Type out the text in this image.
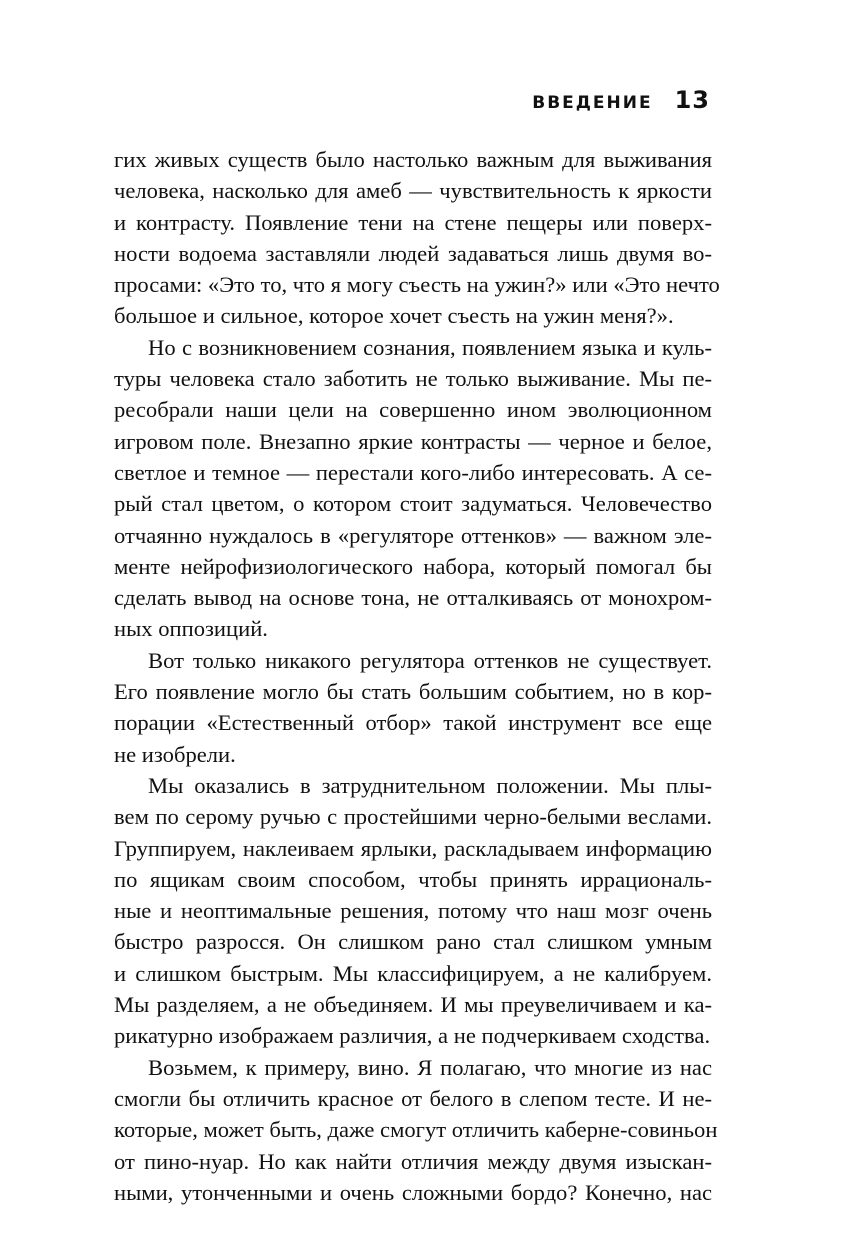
ВВЕДЕНИЕ 13
гих живых существ было настолько важным для выживания
человека, насколько для амеб — чувствительность к яркости
и контрасту. Появление тени на стене пещеры или поверх-
ности водоема заставляли людей задаваться лишь двумя во-
просами: «Это то, что я могу съесть на ужин?» или «Это нечто
большое и сильное, которое хочет съесть на ужин меня?».
Но с возникновением сознания, появлением языка и куль-
туры человека стало заботить не только выживание. Мы пе-
ресобрали наши цели на совершенно ином эволюционном
игровом поле. Внезапно яркие контрасты — черное и белое,
светлое и темное — перестали кого-либо интересовать. А се-
рый стал цветом, о котором стоит задуматься. Человечество
отчаянно нуждалось в «регуляторе оттенков» — важном эле-
менте нейрофизиологического набора, который помогал бы
сделать вывод на основе тона, не отталкиваясь от монохром-
ных оппозиций.
Вот только никакого регулятора оттенков не существует.
Его появление могло бы стать большим событием, но в кор-
порации «Естественный отбор» такой инструмент все еще
не изобрели.
Мы оказались в затруднительном положении. Мы плы-
вем по серому ручью с простейшими черно-белыми веслами.
Группируем, наклеиваем ярлыки, раскладываем информацию
по ящикам своим способом, чтобы принять иррациональ-
ные и неоптимальные решения, потому что наш мозг очень
быстро разросся. Он слишком рано стал слишком умным
и слишком быстрым. Мы классифицируем, а не калибруем.
Мы разделяем, а не объединяем. И мы преувеличиваем и ка-
рикатурно изображаем различия, а не подчеркиваем сходства.
Возьмем, к примеру, вино. Я полагаю, что многие из нас
смогли бы отличить красное от белого в слепом тесте. И не-
которые, может быть, даже смогут отличить каберне-совиньон
от пино-нуар. Но как найти отличия между двумя изыскан-
ными, утонченными и очень сложными бордо? Конечно, нас
